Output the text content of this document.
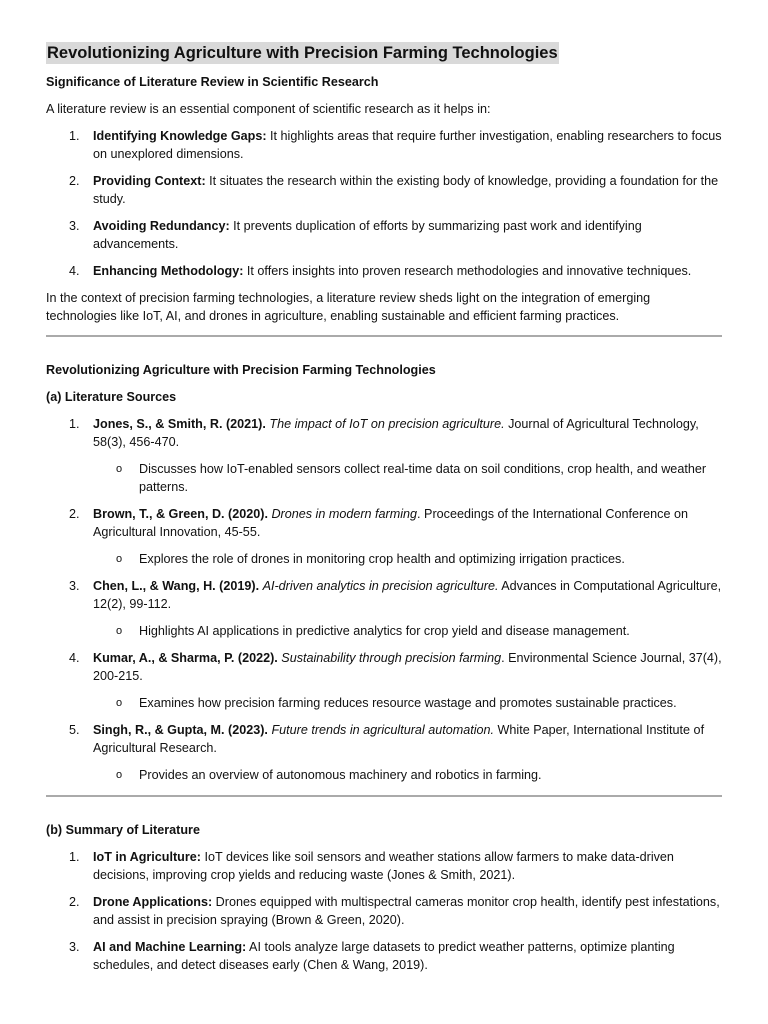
Revolutionizing Agriculture with Precision Farming Technologies

Significance of Literature Review in Scientific Research

A literature review is an essential component of scientific research as it helps in:

1. Identifying Knowledge Gaps: It highlights areas that require further investigation, enabling researchers to focus on unexplored dimensions.
2. Providing Context: It situates the research within the existing body of knowledge, providing a foundation for the study.
3. Avoiding Redundancy: It prevents duplication of efforts by summarizing past work and identifying advancements.
4. Enhancing Methodology: It offers insights into proven research methodologies and innovative techniques.

In the context of precision farming technologies, a literature review sheds light on the integration of emerging technologies like IoT, AI, and drones in agriculture, enabling sustainable and efficient farming practices.

Revolutionizing Agriculture with Precision Farming Technologies

(a) Literature Sources

1. Jones, S., & Smith, R. (2021). The impact of IoT on precision agriculture. Journal of Agricultural Technology, 58(3), 456-470.

o Discusses how IoT-enabled sensors collect real-time data on soil conditions, crop health, and weather patterns.

2. Brown, T., & Green, D. (2020). Drones in modern farming. Proceedings of the International Conference on Agricultural Innovation, 45-55.

o Explores the role of drones in monitoring crop health and optimizing irrigation practices.

3. Chen, L., & Wang, H. (2019). AI-driven analytics in precision agriculture. Advances in Computational Agriculture, 12(2), 99-112.

o Highlights AI applications in predictive analytics for crop yield and disease management.

4. Kumar, A., & Sharma, P. (2022). Sustainability through precision farming. Environmental Science Journal, 37(4), 200-215.

o Examines how precision farming reduces resource wastage and promotes sustainable practices.

5. Singh, R., & Gupta, M. (2023). Future trends in agricultural automation. White Paper, International Institute of Agricultural Research.

o Provides an overview of autonomous machinery and robotics in farming.

(b) Summary of Literature

1. IoT in Agriculture: IoT devices like soil sensors and weather stations allow farmers to make data-driven decisions, improving crop yields and reducing waste (Jones & Smith, 2021).
2. Drone Applications: Drones equipped with multispectral cameras monitor crop health, identify pest infestations, and assist in precision spraying (Brown & Green, 2020).
3. AI and Machine Learning: AI tools analyze large datasets to predict weather patterns, optimize planting schedules, and detect diseases early (Chen & Wang, 2019).
